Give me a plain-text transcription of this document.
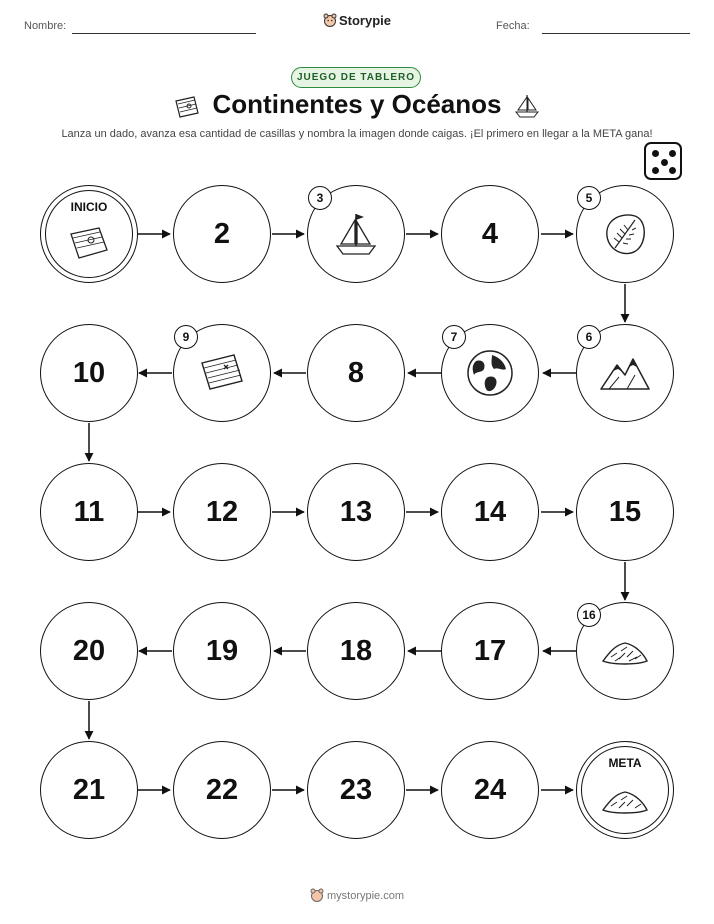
Nombre:	Fecha:
Storypie
JUEGO DE TABLERO
Continentes y Océanos
Lanza un dado, avanza esa cantidad de casillas y nombra la imagen donde caigas. ¡El primero en llegar a la META gana!
INICIO
2
3
4
5
10
9
8
7	6
11	12	13	14	15
20	19	18	17
16
21	22	23	24
META
mystorypie.com
